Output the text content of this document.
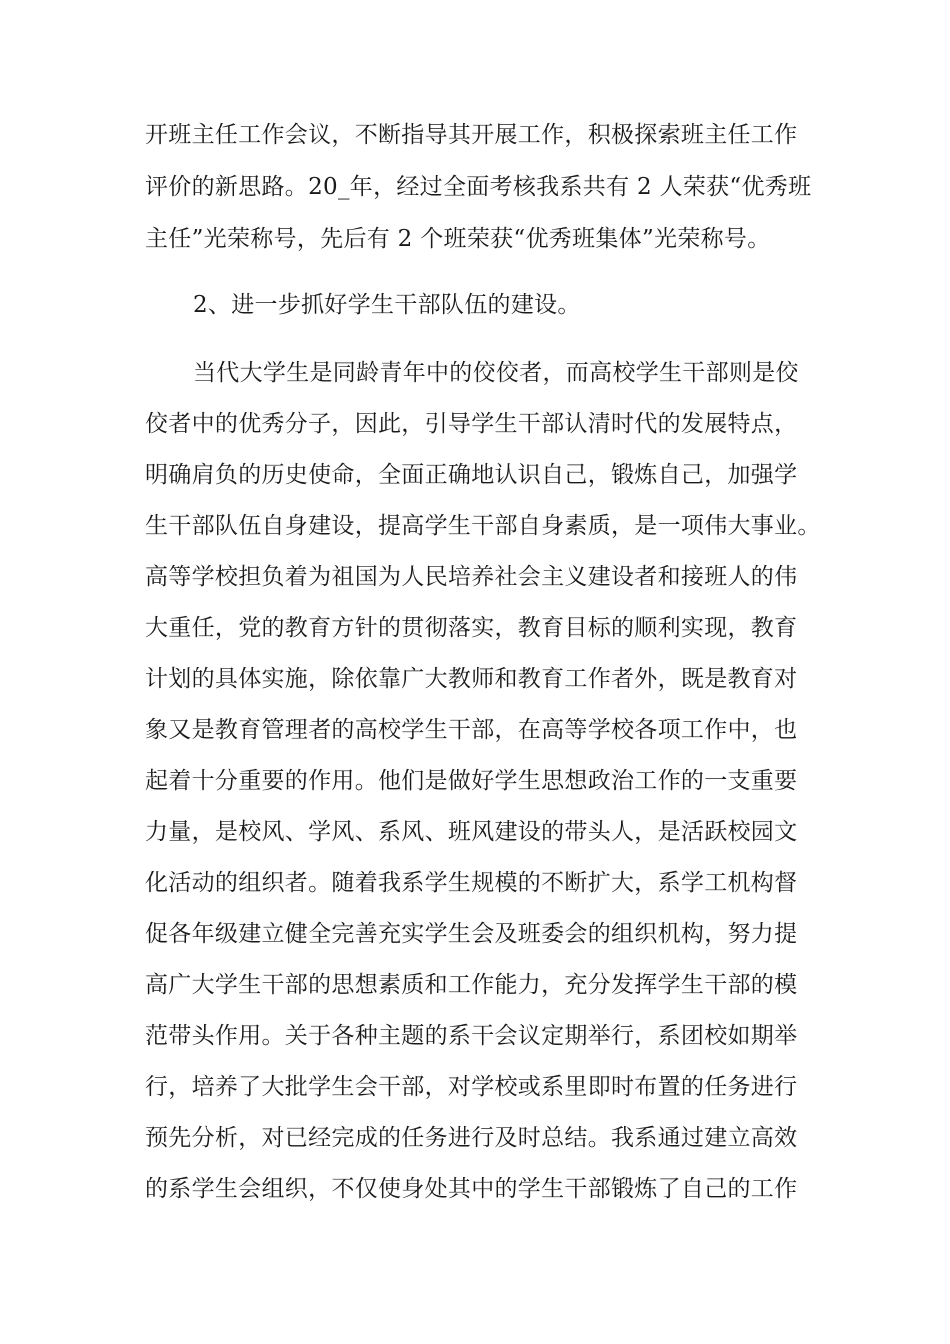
开班主任工作会议，不断指导其开展工作，积极探索班主任工作
评价的新思路。20_年，经过全面考核我系共有 2 人荣获“优秀班
主任”光荣称号，先后有 2 个班荣获“优秀班集体”光荣称号。
2、进一步抓好学生干部队伍的建设。
当代大学生是同龄青年中的佼佼者，而高校学生干部则是佼
佼者中的优秀分子，因此，引导学生干部认清时代的发展特点，
明确肩负的历史使命，全面正确地认识自己，锻炼自己，加强学
生干部队伍自身建设，提高学生干部自身素质，是一项伟大事业。
高等学校担负着为祖国为人民培养社会主义建设者和接班人的伟
大重任，党的教育方针的贯彻落实，教育目标的顺利实现，教育
计划的具体实施，除依靠广大教师和教育工作者外，既是教育对
象又是教育管理者的高校学生干部，在高等学校各项工作中，也
起着十分重要的作用。他们是做好学生思想政治工作的一支重要
力量，是校风、学风、系风、班风建设的带头人，是活跃校园文
化活动的组织者。随着我系学生规模的不断扩大，系学工机构督
促各年级建立健全完善充实学生会及班委会的组织机构，努力提
高广大学生干部的思想素质和工作能力，充分发挥学生干部的模
范带头作用。关于各种主题的系干会议定期举行，系团校如期举
行，培养了大批学生会干部，对学校或系里即时布置的任务进行
预先分析，对已经完成的任务进行及时总结。我系通过建立高效
的系学生会组织，不仅使身处其中的学生干部锻炼了自己的工作
